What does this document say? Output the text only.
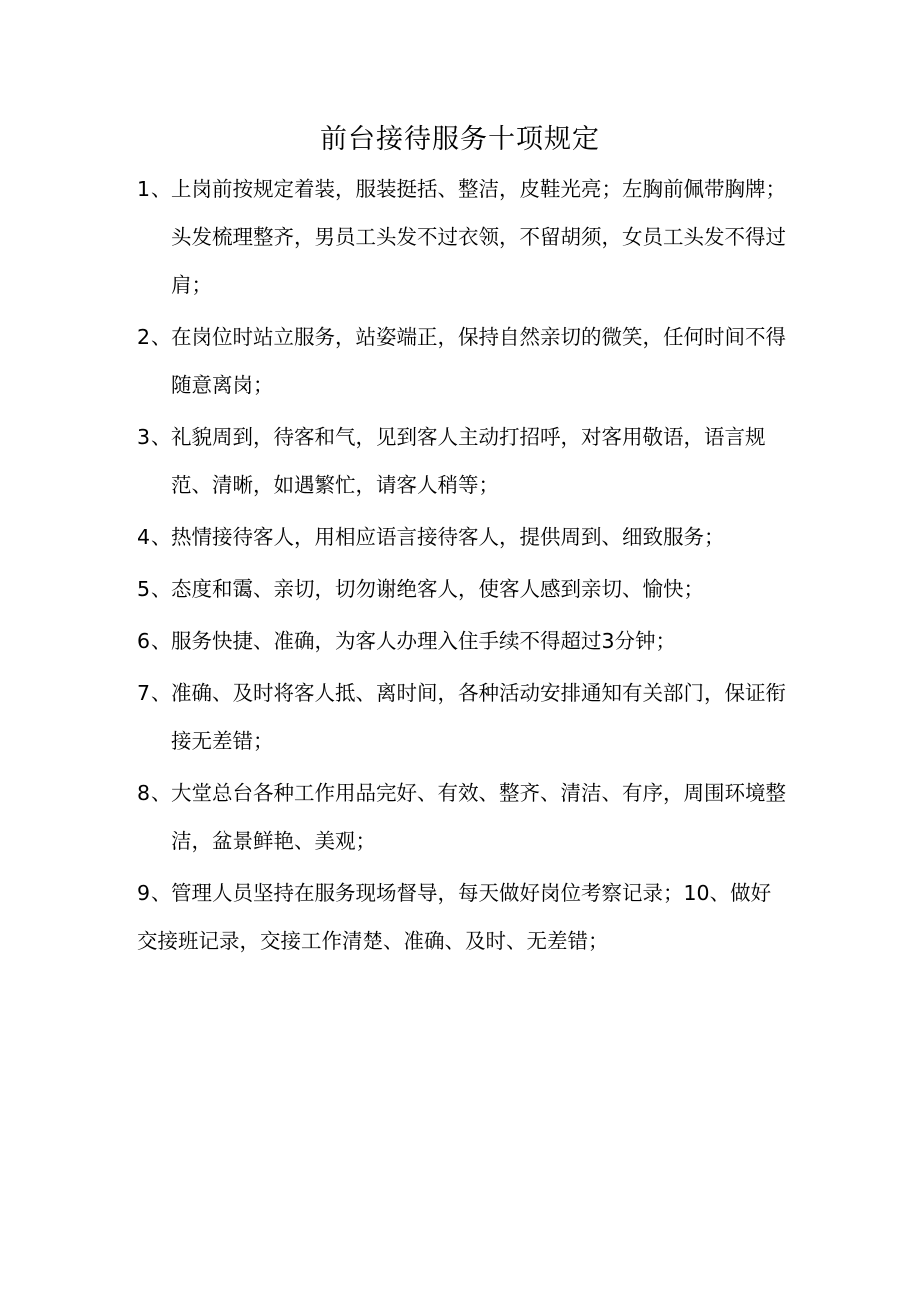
前台接待服务十项规定
1、上岗前按规定着装，服装挺括、整洁，皮鞋光亮；左胸前佩带胸牌；头发梳理整齐，男员工头发不过衣领，不留胡须，女员工头发不得过肩；
2、在岗位时站立服务，站姿端正，保持自然亲切的微笑，任何时间不得随意离岗；
3、礼貌周到，待客和气，见到客人主动打招呼，对客用敬语，语言规范、清晰，如遇繁忙，请客人稍等；
4、热情接待客人，用相应语言接待客人，提供周到、细致服务；
5、态度和霭、亲切，切勿谢绝客人，使客人感到亲切、愉快；
6、服务快捷、准确，为客人办理入住手续不得超过3分钟；
7、准确、及时将客人抵、离时间，各种活动安排通知有关部门，保证衔接无差错；
8、大堂总台各种工作用品完好、有效、整齐、清洁、有序，周围环境整洁，盆景鲜艳、美观；
9、管理人员坚持在服务现场督导，每天做好岗位考察记录；10、做好交接班记录，交接工作清楚、准确、及时、无差错；
